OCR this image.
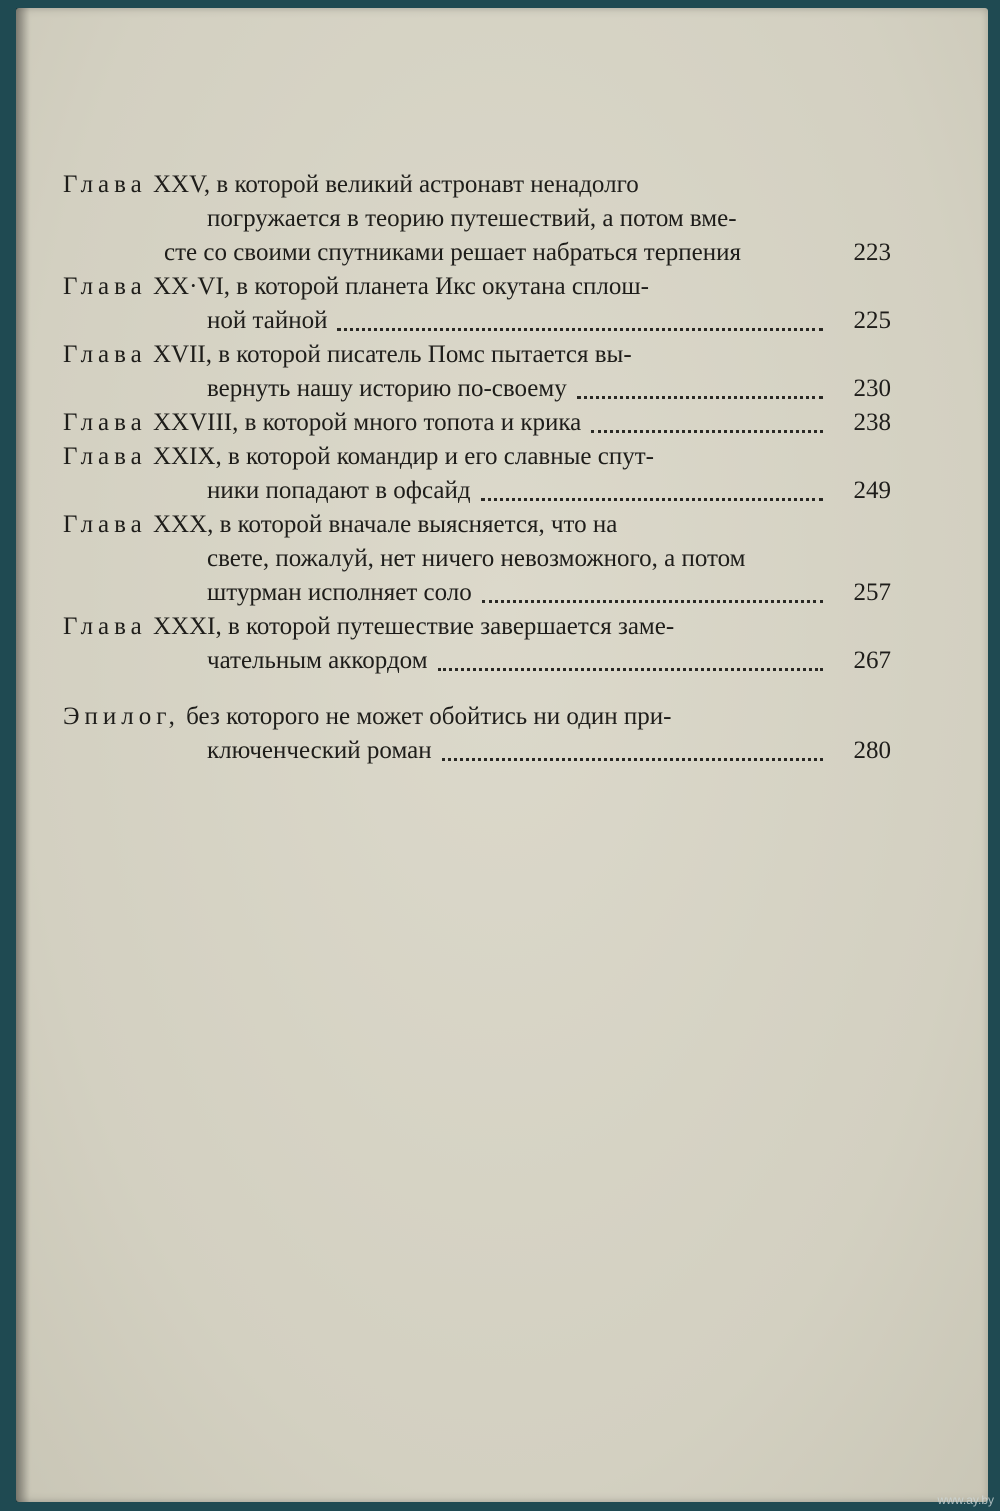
Глава
XXV, в которой великий астронавт ненадолго
погружается в теорию путешествий, а потом вме-
сте со своими спутниками решает набраться терпения	223
Глава
XX·VI, в которой планета Икс окутана сплош-
ной тайной	225
Глава
XVII, в которой писатель Помс пытается вы-
вернуть нашу историю по-своему	230
Глава
XXVIII, в которой много топота и крика	238
Глава
XXIX, в которой командир и его славные спут-
ники попадают в офсайд	249
Глава
XXX, в которой вначале выясняется, что на
свете, пожалуй, нет ничего невозможного, а потом
штурман исполняет соло	257
Глава
XXXI, в которой путешествие завершается заме-
чательным аккордом	267
Эпилог,
без которого не может обойтись ни один при-
ключенческий роман	280
www.ay.by
